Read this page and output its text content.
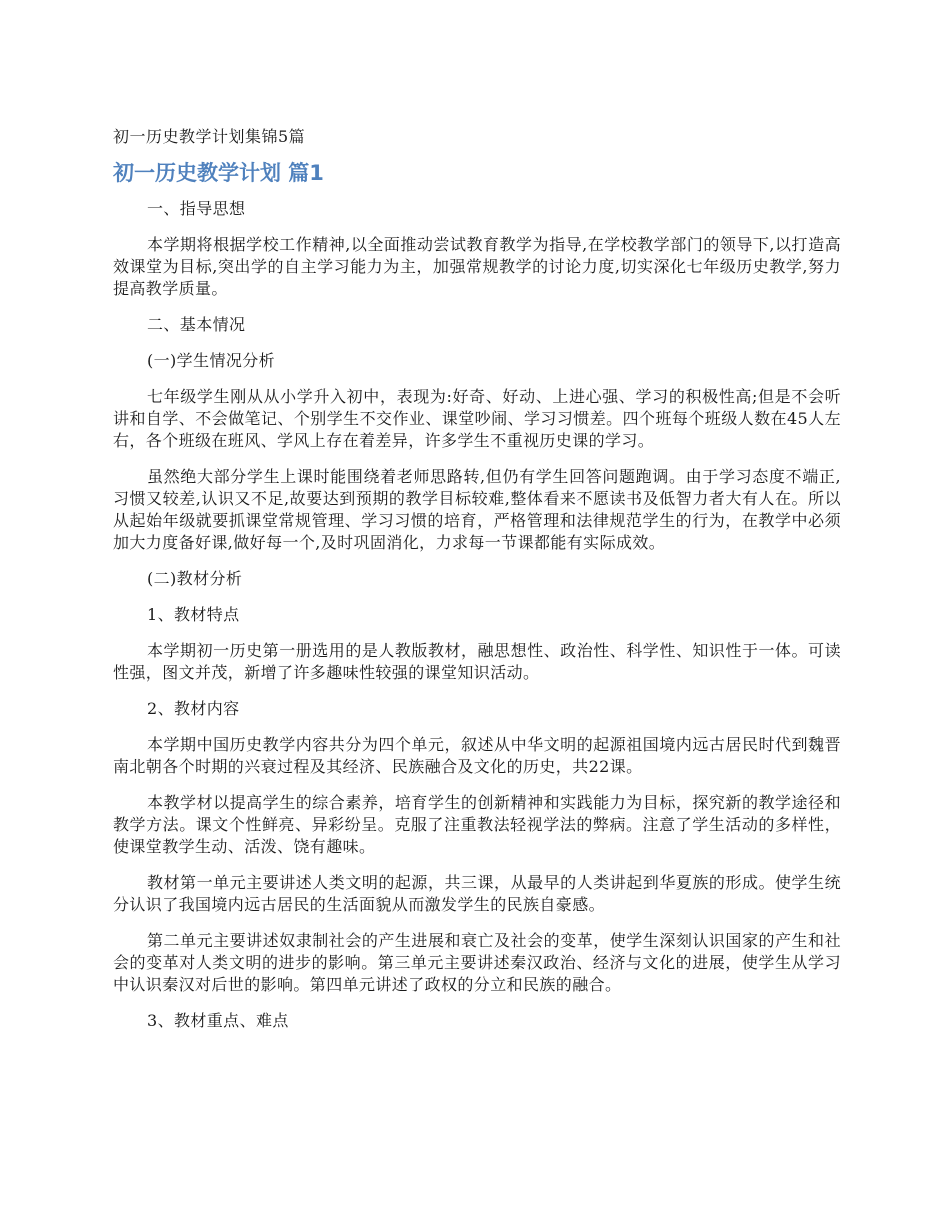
初一历史教学计划集锦5篇
初一历史教学计划 篇1

一、指导思想

本学期将根据学校工作精神,以全面推动尝试教育教学为指导,在学校教学部门的领导下,以打造高效课堂为目标,突出学的自主学习能力为主，加强常规教学的讨论力度,切实深化七年级历史教学,努力提高教学质量。

二、基本情况

(一)学生情况分析

七年级学生刚从从小学升入初中，表现为:好奇、好动、上进心强、学习的积极性高;但是不会听讲和自学、不会做笔记、个别学生不交作业、课堂吵闹、学习习惯差。四个班每个班级人数在45人左右，各个班级在班风、学风上存在着差异，许多学生不重视历史课的学习。

虽然绝大部分学生上课时能围绕着老师思路转,但仍有学生回答问题跑调。由于学习态度不端正,习惯又较差,认识又不足,故要达到预期的教学目标较难,整体看来不愿读书及低智力者大有人在。所以从起始年级就要抓课堂常规管理、学习习惯的培育，严格管理和法律规范学生的行为，在教学中必须加大力度备好课,做好每一个,及时巩固消化，力求每一节课都能有实际成效。

(二)教材分析

1、教材特点

本学期初一历史第一册选用的是人教版教材，融思想性、政治性、科学性、知识性于一体。可读性强，图文并茂，新增了许多趣味性较强的课堂知识活动。

2、教材内容

本学期中国历史教学内容共分为四个单元，叙述从中华文明的起源祖国境内远古居民时代到魏晋南北朝各个时期的兴衰过程及其经济、民族融合及文化的历史，共22课。

本教学材以提高学生的综合素养，培育学生的创新精神和实践能力为目标，探究新的教学途径和教学方法。课文个性鲜亮、异彩纷呈。克服了注重教法轻视学法的弊病。注意了学生活动的多样性，使课堂教学生动、活泼、饶有趣味。

教材第一单元主要讲述人类文明的起源，共三课，从最早的人类讲起到华夏族的形成。使学生统分认识了我国境内远古居民的生活面貌从而激发学生的民族自豪感。

第二单元主要讲述奴隶制社会的产生进展和衰亡及社会的变革，使学生深刻认识国家的产生和社会的变革对人类文明的进步的影响。第三单元主要讲述秦汉政治、经济与文化的进展，使学生从学习中认识秦汉对后世的影响。第四单元讲述了政权的分立和民族的融合。

3、教材重点、难点
